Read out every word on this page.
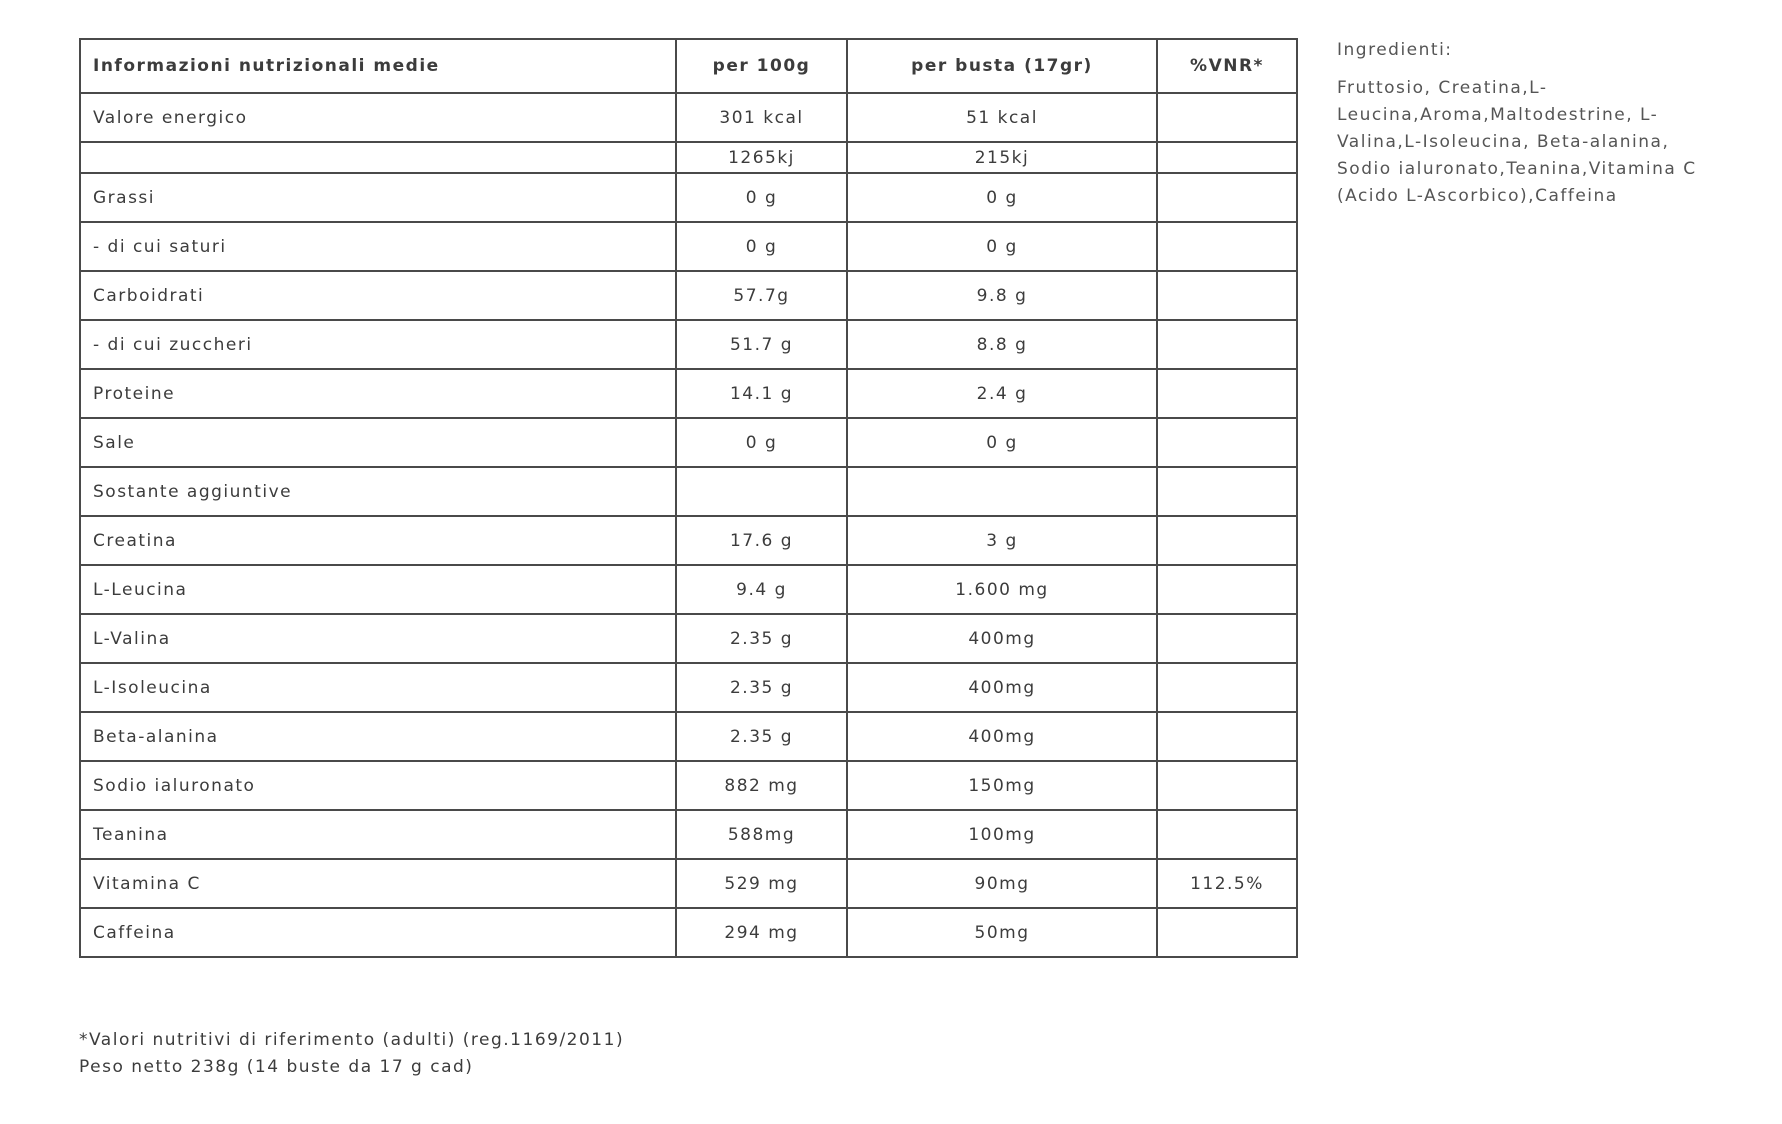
Informazioni nutrizionali medie	per 100g	per busta (17gr)	%VNR*
Valore energico	301 kcal	51 kcal	
	1265kj	215kj	
Grassi	0 g	0 g	
- di cui saturi	0 g	0 g	
Carboidrati	57.7g	9.8 g	
- di cui zuccheri	51.7 g	8.8 g	
Proteine	14.1 g	2.4 g	
Sale	0 g	0 g	
Sostante aggiuntive			
Creatina	17.6 g	3 g	
L-Leucina	9.4 g	1.600 mg	
L-Valina	2.35 g	400mg	
L-Isoleucina	2.35 g	400mg	
Beta-alanina	2.35 g	400mg	
Sodio ialuronato	882 mg	150mg	
Teanina	588mg	100mg	
Vitamina C	529 mg	90mg	112.5%
Caffeina	294 mg	50mg	
*Valori nutritivi di riferimento (adulti) (reg.1169/2011)
Peso netto 238g (14 buste da 17 g cad)
Ingredienti:
Fruttosio, Creatina,L-
Leucina,Aroma,Maltodestrine, L-
Valina,L-Isoleucina, Beta-alanina,
Sodio ialuronato,Teanina,Vitamina C
(Acido L-Ascorbico),Caffeina
